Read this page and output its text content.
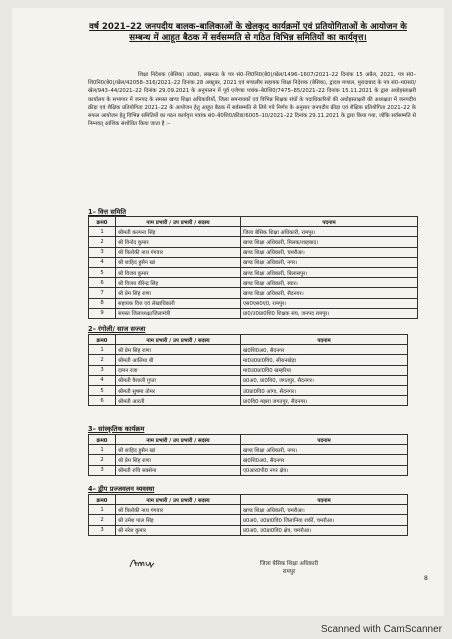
वर्ष 2021–22 जनपदीय बालक–बालिकाओं के खेलकूद कार्यक्रमों एवं प्रतियोगिताओं के आयोजन के सम्बन्ध में आहूत बैठक में सर्वसम्मति से गठित विभिन्न समितियों का कार्यवृत्त।
शिक्षा निदेशक (बेसिक) उ0प्र0, लखनऊ के पत्र सं0–शि0नि0(बे0)/खेल/1496–1607/2021–22 दिनांक 15 अप्रैल, 2021, पत्र सं0–शि0नि0(बे0)/खेल/42058–316/2021–22 दिनांक 28 अक्टूबर, 2021 एवं मण्डलीय सहायक शिक्षा निदेशक (बेसिक), द्वादश मण्डल, मुरादाबाद के पत्र सं0–म0स0/खेल/943–44/2021–22 दिनांक 29.09.2021 के अनुपालन में पूर्व एजेण्डा पत्रांक–बे0शि0/7475–85/2021–22 दिनांक 15.11.2021 के द्वारा अधोहस्ताक्षरी कार्यालय के सभागार में जनपद के समस्त खण्ड शिक्षा अधिकारियों, जिला समन्वयकों एवं विभिन्न शिक्षक संघों के पदाधिकारियों की अधोहस्ताक्षरी की अध्यक्षता में जनपदीय क्रीड़ा एवं शैक्षिक प्रतियोगिता 2021–22 के आयोजन हेतु आहूत बैठक में सर्वसम्मति से लिये गये निर्णय के अनुसार जनपदीय क्रीड़ा एवं शैक्षिक प्रतियोगिता 2021–22 के सफल आयोजन हेतु विभिन्न समितियों का गठन कार्यवृत्त पत्रांक सं0–बे0शि0/क्रीडा/6005–10/2021–22 दिनांक 29.11.2021 के द्वारा किया गया, जोकि सर्वसम्मति से निम्नवत् आंशिक संशोधित किया जाता है :–
1– वित्त समिति
क्रम0	नाम प्रभारी / उप प्रभारी / सदस्य	पदनाम
1	श्रीमती कल्पना सिंह	जिला बेसिक शिक्षा अधिकारी, रामपुर।
2	श्री विनोद कुमार	खण्ड शिक्षा अधिकारी, मिलक/शाहबाद।
3	श्री त्रिलोकी नाथ गंगवार	खण्ड शिक्षा अधिकारी, चमरौआ।
4	श्री शाहिद हुसैन खां	खण्ड शिक्षा अधिकारी, नगर।
5	श्री विजय कुमार	खण्ड शिक्षा अधिकारी, बिलासपुर।
6	श्री विजय वीरेन्द्र सिंह	खण्ड शिक्षा अधिकारी, स्वार।
7	श्री प्रेम सिंह राणा	खण्ड शिक्षा अधिकारी, सैदनगर।
8	सहायक वित्त एवं लेखाधिकारी	एस0एस0ए0, रामपुर।
9	समस्त जिलाध्यक्ष/जिलामंत्री	प्रा0/उ0प्रा0शि0 शिक्षक संघ, जनपद रामपुर।
2– रंगोली/ साज सज्जा
क्रम0	नाम प्रभारी / उप प्रभारी / सदस्य	पदनाम
1	श्री प्रेम सिंह राणा	खं0शि0अ0, सैदनगर
2	श्रीमती आलिया बी	मा0उ0प्रा0वि0, सीरानखेड़ा
3	दामन रजा	मा0उ0प्रा0वि0 खम्हरिया
4	श्रीमती वैशाली गुप्ता	प्र0अ0, प्रा0वि0, जगतपुर, सैदनगर।
5	श्रीमती सुषमा तोमर	उ0प्रा0वि0 आंगा, सैदनगर।
6	श्रीमती आरती	प्रा0वि0 मझरा जगतपुर, सैदनगर।
3– सांस्कृतिक कार्यक्रम
क्रम0	नाम प्रभारी / उप प्रभारी / सदस्य	पदनाम
1	श्री शाहिद हुसैन खां	खण्ड शिक्षा अधिकारी, नगर।
2	श्री प्रेम सिंह राणा	खं0शि0अ0, सैदनगर
3	श्रीमती रुचि सक्सेना	ए0आर0पी0 नगर क्षेत्र।
4– द्वीप प्रज्जवलन व्यवस्था
क्रम0	नाम प्रभारी / उप प्रभारी / सदस्य	पदनाम
1	श्री त्रिलोकी नाथ गंगवार	खण्ड शिक्षा अधिकारी, चमरौआ।
2	श्री उमेश पाल सिंह	प्र0अ0, उ0प्रा0वि0 जिलानिया शर्की, चमरौआ।
3	श्री नरेश कुमार	प्र0अ0, उ0प्रा0वि0 क्षेत्र, चमरौआ।
जिला बेसिक शिक्षा अधिकारी
रामपुर
8
Scanned with CamScanner
